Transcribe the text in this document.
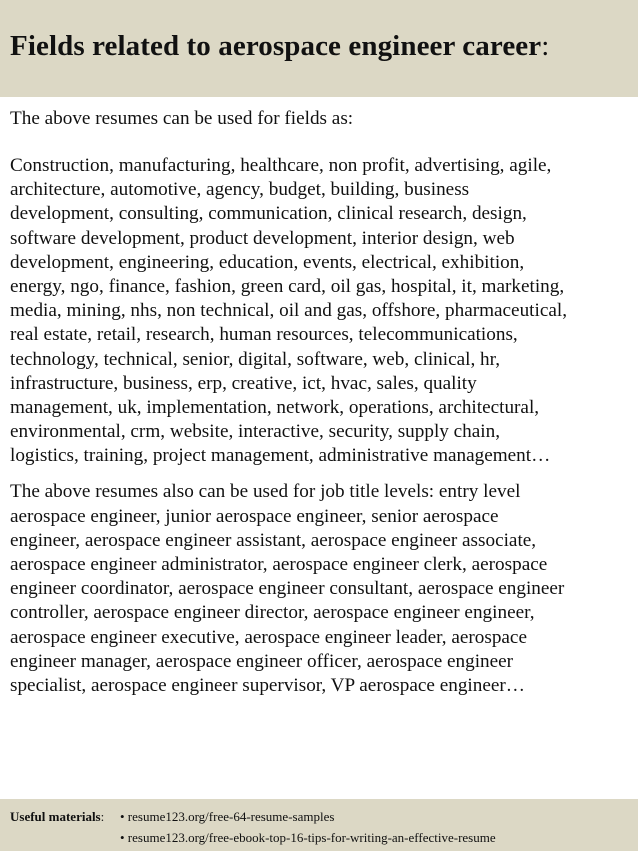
Fields related to aerospace engineer career:

The above resumes can be used for fields as:

Construction, manufacturing, healthcare, non profit, advertising, agile,
architecture, automotive, agency, budget, building, business
development, consulting, communication, clinical research, design,
software development, product development, interior design, web
development, engineering, education, events, electrical, exhibition,
energy, ngo, finance, fashion, green card, oil gas, hospital, it, marketing,
media, mining, nhs, non technical, oil and gas, offshore, pharmaceutical,
real estate, retail, research, human resources, telecommunications,
technology, technical, senior, digital, software, web, clinical, hr,
infrastructure, business, erp, creative, ict, hvac, sales, quality
management, uk, implementation, network, operations, architectural,
environmental, crm, website, interactive, security, supply chain,
logistics, training, project management, administrative management…

The above resumes also can be used for job title levels: entry level
aerospace engineer, junior aerospace engineer, senior aerospace
engineer, aerospace engineer assistant, aerospace engineer associate,
aerospace engineer administrator, aerospace engineer clerk, aerospace
engineer coordinator, aerospace engineer consultant, aerospace engineer
controller, aerospace engineer director, aerospace engineer engineer,
aerospace engineer executive, aerospace engineer leader, aerospace
engineer manager, aerospace engineer officer, aerospace engineer
specialist, aerospace engineer supervisor, VP aerospace engineer…

Useful materials: • resume123.org/free-64-resume-samples
• resume123.org/free-ebook-top-16-tips-for-writing-an-effective-resume
